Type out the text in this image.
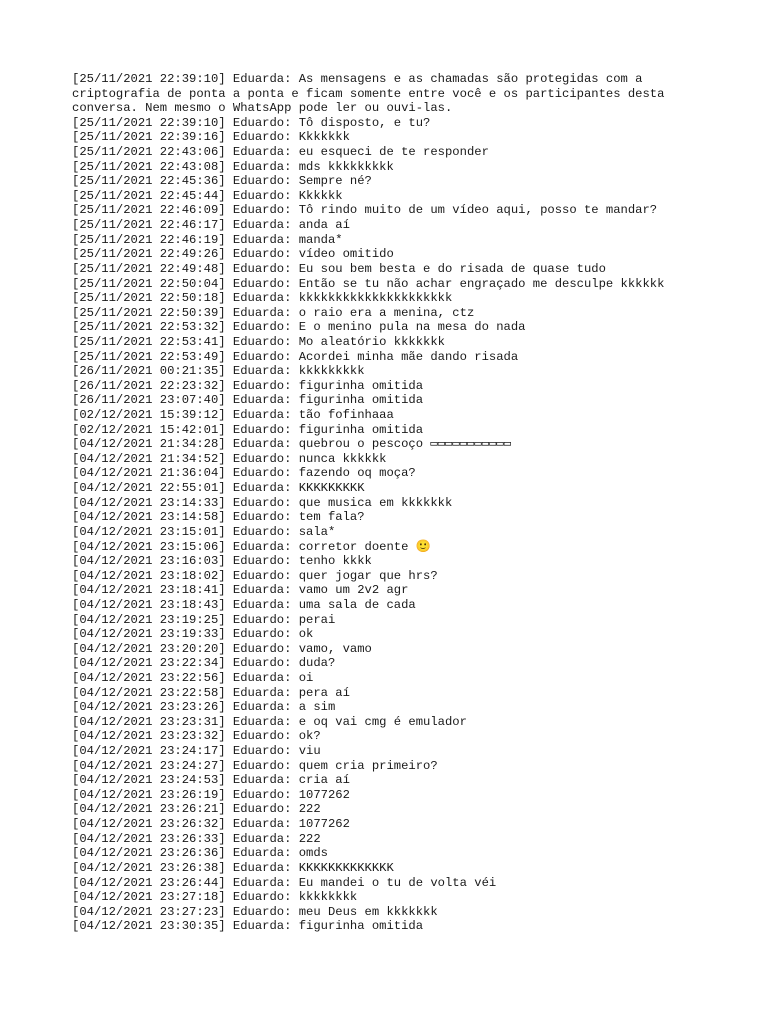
[25/11/2021 22:39:10] Eduarda: As mensagens e as chamadas são protegidas com a
criptografia de ponta a ponta e ficam somente entre você e os participantes desta
conversa. Nem mesmo o WhatsApp pode ler ou ouvi-las.
[25/11/2021 22:39:10] Eduardo: Tô disposto, e tu?
[25/11/2021 22:39:16] Eduardo: Kkkkkkk
[25/11/2021 22:43:06] Eduarda: eu esqueci de te responder
[25/11/2021 22:43:08] Eduarda: mds kkkkkkkkk
[25/11/2021 22:45:36] Eduardo: Sempre né?
[25/11/2021 22:45:44] Eduardo: Kkkkkk
[25/11/2021 22:46:09] Eduardo: Tô rindo muito de um vídeo aqui, posso te mandar?
[25/11/2021 22:46:17] Eduarda: anda aí
[25/11/2021 22:46:19] Eduarda: manda*
[25/11/2021 22:49:26] Eduardo: vídeo omitido
[25/11/2021 22:49:48] Eduardo: Eu sou bem besta e do risada de quase tudo
[25/11/2021 22:50:04] Eduardo: Então se tu não achar engraçado me desculpe kkkkkk
[25/11/2021 22:50:18] Eduarda: kkkkkkkkkkkkkkkkkkkkk
[25/11/2021 22:50:39] Eduarda: o raio era a menina, ctz
[25/11/2021 22:53:32] Eduardo: E o menino pula na mesa do nada
[25/11/2021 22:53:41] Eduardo: Mo aleatório kkkkkkk
[25/11/2021 22:53:49] Eduardo: Acordei minha mãe dando risada
[26/11/2021 00:21:35] Eduarda: kkkkkkkkk
[26/11/2021 22:23:32] Eduardo: figurinha omitida
[26/11/2021 23:07:40] Eduarda: figurinha omitida
[02/12/2021 15:39:12] Eduarda: tão fofinhaaa
[02/12/2021 15:42:01] Eduardo: figurinha omitida
[04/12/2021 21:34:28] Eduarda: quebrou o pescoço ▭▭▭▭▭▭▭▭▭▭▭
[04/12/2021 21:34:52] Eduardo: nunca kkkkkk
[04/12/2021 21:36:04] Eduardo: fazendo oq moça?
[04/12/2021 22:55:01] Eduarda: KKKKKKKKK
[04/12/2021 23:14:33] Eduardo: que musica em kkkkkkk
[04/12/2021 23:14:58] Eduardo: tem fala?
[04/12/2021 23:15:01] Eduardo: sala*
[04/12/2021 23:15:06] Eduarda: corretor doente 🙂
[04/12/2021 23:16:03] Eduardo: tenho kkkk
[04/12/2021 23:18:02] Eduardo: quer jogar que hrs?
[04/12/2021 23:18:41] Eduarda: vamo um 2v2 agr
[04/12/2021 23:18:43] Eduarda: uma sala de cada
[04/12/2021 23:19:25] Eduardo: perai
[04/12/2021 23:19:33] Eduardo: ok
[04/12/2021 23:20:20] Eduardo: vamo, vamo
[04/12/2021 23:22:34] Eduardo: duda?
[04/12/2021 23:22:56] Eduarda: oi
[04/12/2021 23:22:58] Eduarda: pera aí
[04/12/2021 23:23:26] Eduarda: a sim
[04/12/2021 23:23:31] Eduarda: e oq vai cmg é emulador
[04/12/2021 23:23:32] Eduardo: ok?
[04/12/2021 23:24:17] Eduardo: viu
[04/12/2021 23:24:27] Eduardo: quem cria primeiro?
[04/12/2021 23:24:53] Eduarda: cria aí
[04/12/2021 23:26:19] Eduardo: 1077262
[04/12/2021 23:26:21] Eduardo: 222
[04/12/2021 23:26:32] Eduarda: 1077262
[04/12/2021 23:26:33] Eduarda: 222
[04/12/2021 23:26:36] Eduarda: omds
[04/12/2021 23:26:38] Eduarda: KKKKKKKKKKKKK
[04/12/2021 23:26:44] Eduarda: Eu mandei o tu de volta véi
[04/12/2021 23:27:18] Eduardo: kkkkkkkk
[04/12/2021 23:27:23] Eduardo: meu Deus em kkkkkkk
[04/12/2021 23:30:35] Eduarda: figurinha omitida
